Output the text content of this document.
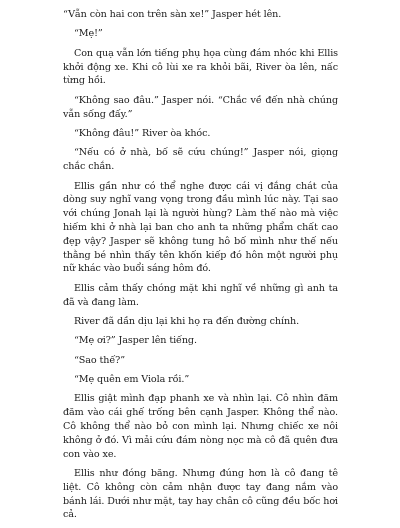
“Vẫn còn hai con trên sàn xe!” Jasper hét lên.

“Mẹ!”

Con quạ vẫn lớn tiếng phụ họa cùng đám nhóc khi Ellis khởi động xe. Khi cô lùi xe ra khỏi bãi, River òa lên, nấc từng hồi.

“Không sao đâu.” Jasper nói. “Chắc về đến nhà chúng vẫn sống đấy.”

“Không đâu!” River òa khóc.

“Nếu có ở nhà, bố sẽ cứu chúng!” Jasper nói, giọng chắc chắn.

Ellis gần như có thể nghe được cái vị đắng chát của dòng suy nghĩ vang vọng trong đầu mình lúc này. Tại sao với chúng Jonah lại là người hùng? Làm thế nào mà việc hiếm khi ở nhà lại ban cho anh ta những phẩm chất cao đẹp vậy? Jasper sẽ không tung hô bố mình như thế nếu thằng bé nhìn thấy tên khốn kiếp đó hôn một người phụ nữ khác vào buổi sáng hôm đó.

Ellis cảm thấy chóng mặt khi nghĩ về những gì anh ta đã và đang làm.

River đã dần dịu lại khi họ ra đến đường chính.

“Mẹ ơi?” Jasper lên tiếng.

“Sao thế?”

“Mẹ quên em Viola rồi.”

Ellis giật mình đạp phanh xe và nhìn lại. Cô nhìn đăm đăm vào cái ghế trống bên cạnh Jasper. Không thể nào. Cô không thể nào bỏ con mình lại. Nhưng chiếc xe nôi không ở đó. Vì mải cứu đám nòng nọc mà cô đã quên đưa con vào xe.

Ellis như đóng băng. Nhưng đúng hơn là cô đang tê liệt. Cô không còn cảm nhận được tay đang nắm vào bánh lái. Dưới như mặt, tay hay chân cô cũng đều bốc hơi cả.
